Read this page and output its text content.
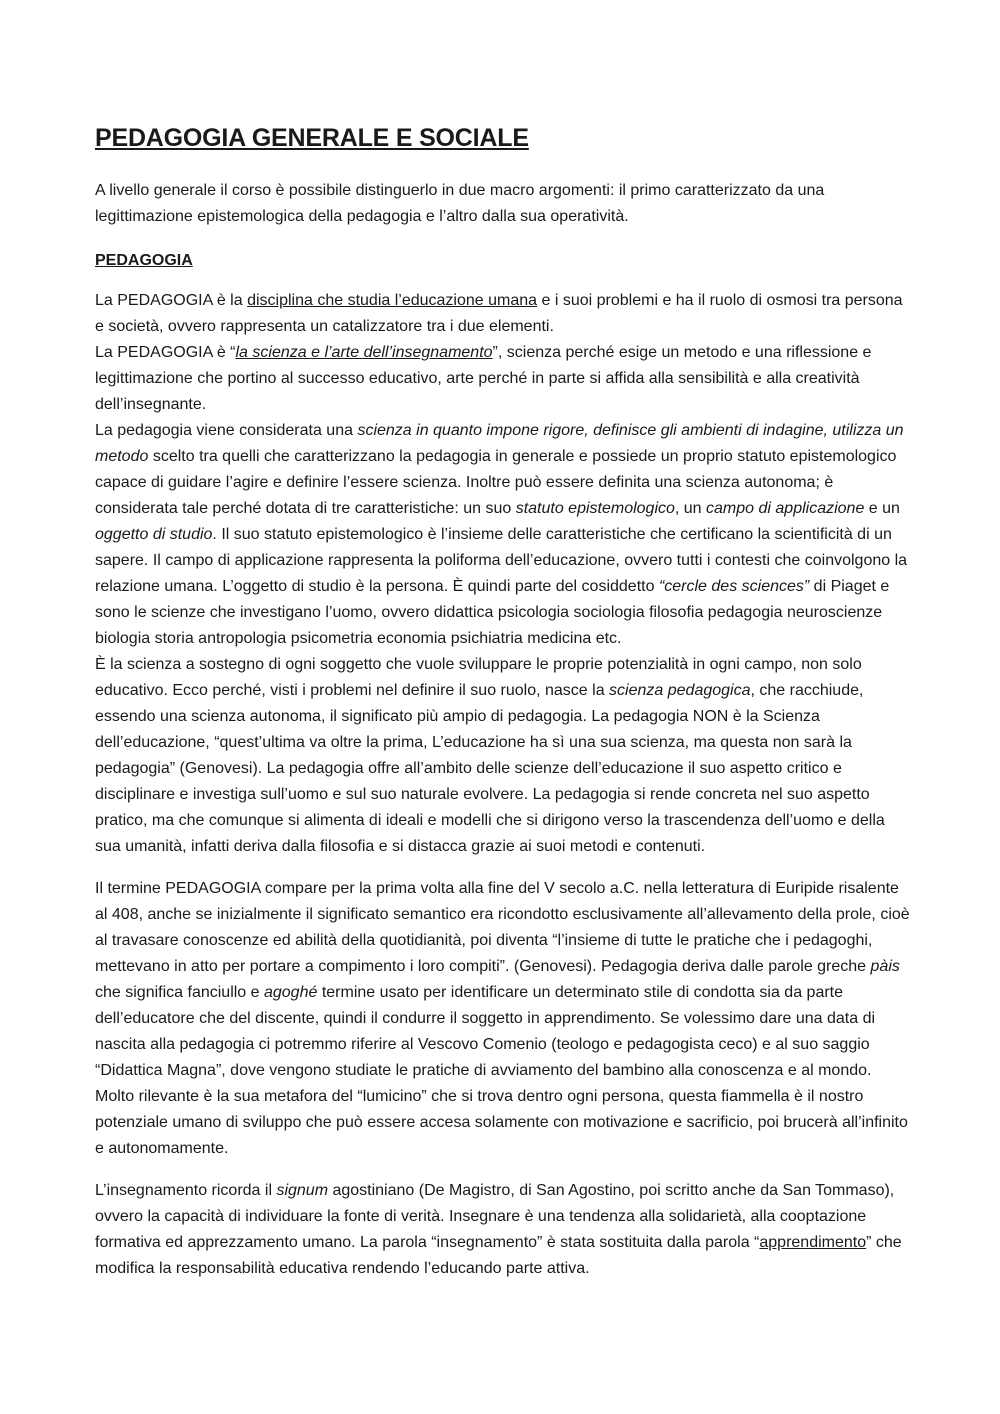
PEDAGOGIA GENERALE E SOCIALE

A livello generale il corso è possibile distinguerlo in due macro argomenti: il primo caratterizzato da una legittimazione epistemologica della pedagogia e l’altro dalla sua operatività.

PEDAGOGIA

La PEDAGOGIA è la disciplina che studia l’educazione umana e i suoi problemi e ha il ruolo di osmosi tra persona e società, ovvero rappresenta un catalizzatore tra i due elementi.
La PEDAGOGIA è “la scienza e l’arte dell’insegnamento”, scienza perché esige un metodo e una riflessione e legittimazione che portino al successo educativo, arte perché in parte si affida alla sensibilità e alla creatività dell’insegnante.
La pedagogia viene considerata una scienza in quanto impone rigore, definisce gli ambienti di indagine, utilizza un metodo scelto tra quelli che caratterizzano la pedagogia in generale e possiede un proprio statuto epistemologico capace di guidare l’agire e definire l’essere scienza. Inoltre può essere definita una scienza autonoma; è considerata tale perché dotata di tre caratteristiche: un suo statuto epistemologico, un campo di applicazione e un oggetto di studio. Il suo statuto epistemologico è l’insieme delle caratteristiche che certificano la scientificità di un sapere. Il campo di applicazione rappresenta la poliforma dell’educazione, ovvero tutti i contesti che coinvolgono la relazione umana. L’oggetto di studio è la persona. È quindi parte del cosiddetto “cercle des sciences” di Piaget e sono le scienze che investigano l’uomo, ovvero didattica psicologia sociologia filosofia pedagogia neuroscienze biologia storia antropologia psicometria economia psichiatria medicina etc.
È la scienza a sostegno di ogni soggetto che vuole sviluppare le proprie potenzialità in ogni campo, non solo educativo. Ecco perché, visti i problemi nel definire il suo ruolo, nasce la scienza pedagogica, che racchiude, essendo una scienza autonoma, il significato più ampio di pedagogia. La pedagogia NON è la Scienza dell’educazione, “quest’ultima va oltre la prima, L’educazione ha sì una sua scienza, ma questa non sarà la pedagogia” (Genovesi). La pedagogia offre all’ambito delle scienze dell’educazione il suo aspetto critico e disciplinare e investiga sull’uomo e sul suo naturale evolvere. La pedagogia si rende concreta nel suo aspetto pratico, ma che comunque si alimenta di ideali e modelli che si dirigono verso la trascendenza dell’uomo e della sua umanità, infatti deriva dalla filosofia e si distacca grazie ai suoi metodi e contenuti.

Il termine PEDAGOGIA compare per la prima volta alla fine del V secolo a.C. nella letteratura di Euripide risalente al 408, anche se inizialmente il significato semantico era ricondotto esclusivamente all’allevamento della prole, cioè al travasare conoscenze ed abilità della quotidianità, poi diventa “l’insieme di tutte le pratiche che i pedagoghi, mettevano in atto per portare a compimento i loro compiti”. (Genovesi). Pedagogia deriva dalle parole greche pàis che significa fanciullo e agoghé termine usato per identificare un determinato stile di condotta sia da parte dell’educatore che del discente, quindi il condurre il soggetto in apprendimento. Se volessimo dare una data di nascita alla pedagogia ci potremmo riferire al Vescovo Comenio (teologo e pedagogista ceco) e al suo saggio “Didattica Magna”, dove vengono studiate le pratiche di avviamento del bambino alla conoscenza e al mondo. Molto rilevante è la sua metafora del “lumicino” che si trova dentro ogni persona, questa fiammella è il nostro potenziale umano di sviluppo che può essere accesa solamente con motivazione e sacrificio, poi brucerà all’infinito e autonomamente.

L’insegnamento ricorda il signum agostiniano (De Magistro, di San Agostino, poi scritto anche da San Tommaso), ovvero la capacità di individuare la fonte di verità. Insegnare è una tendenza alla solidarietà, alla cooptazione formativa ed apprezzamento umano. La parola “insegnamento” è stata sostituita dalla parola “apprendimento” che modifica la responsabilità educativa rendendo l’educando parte attiva.
